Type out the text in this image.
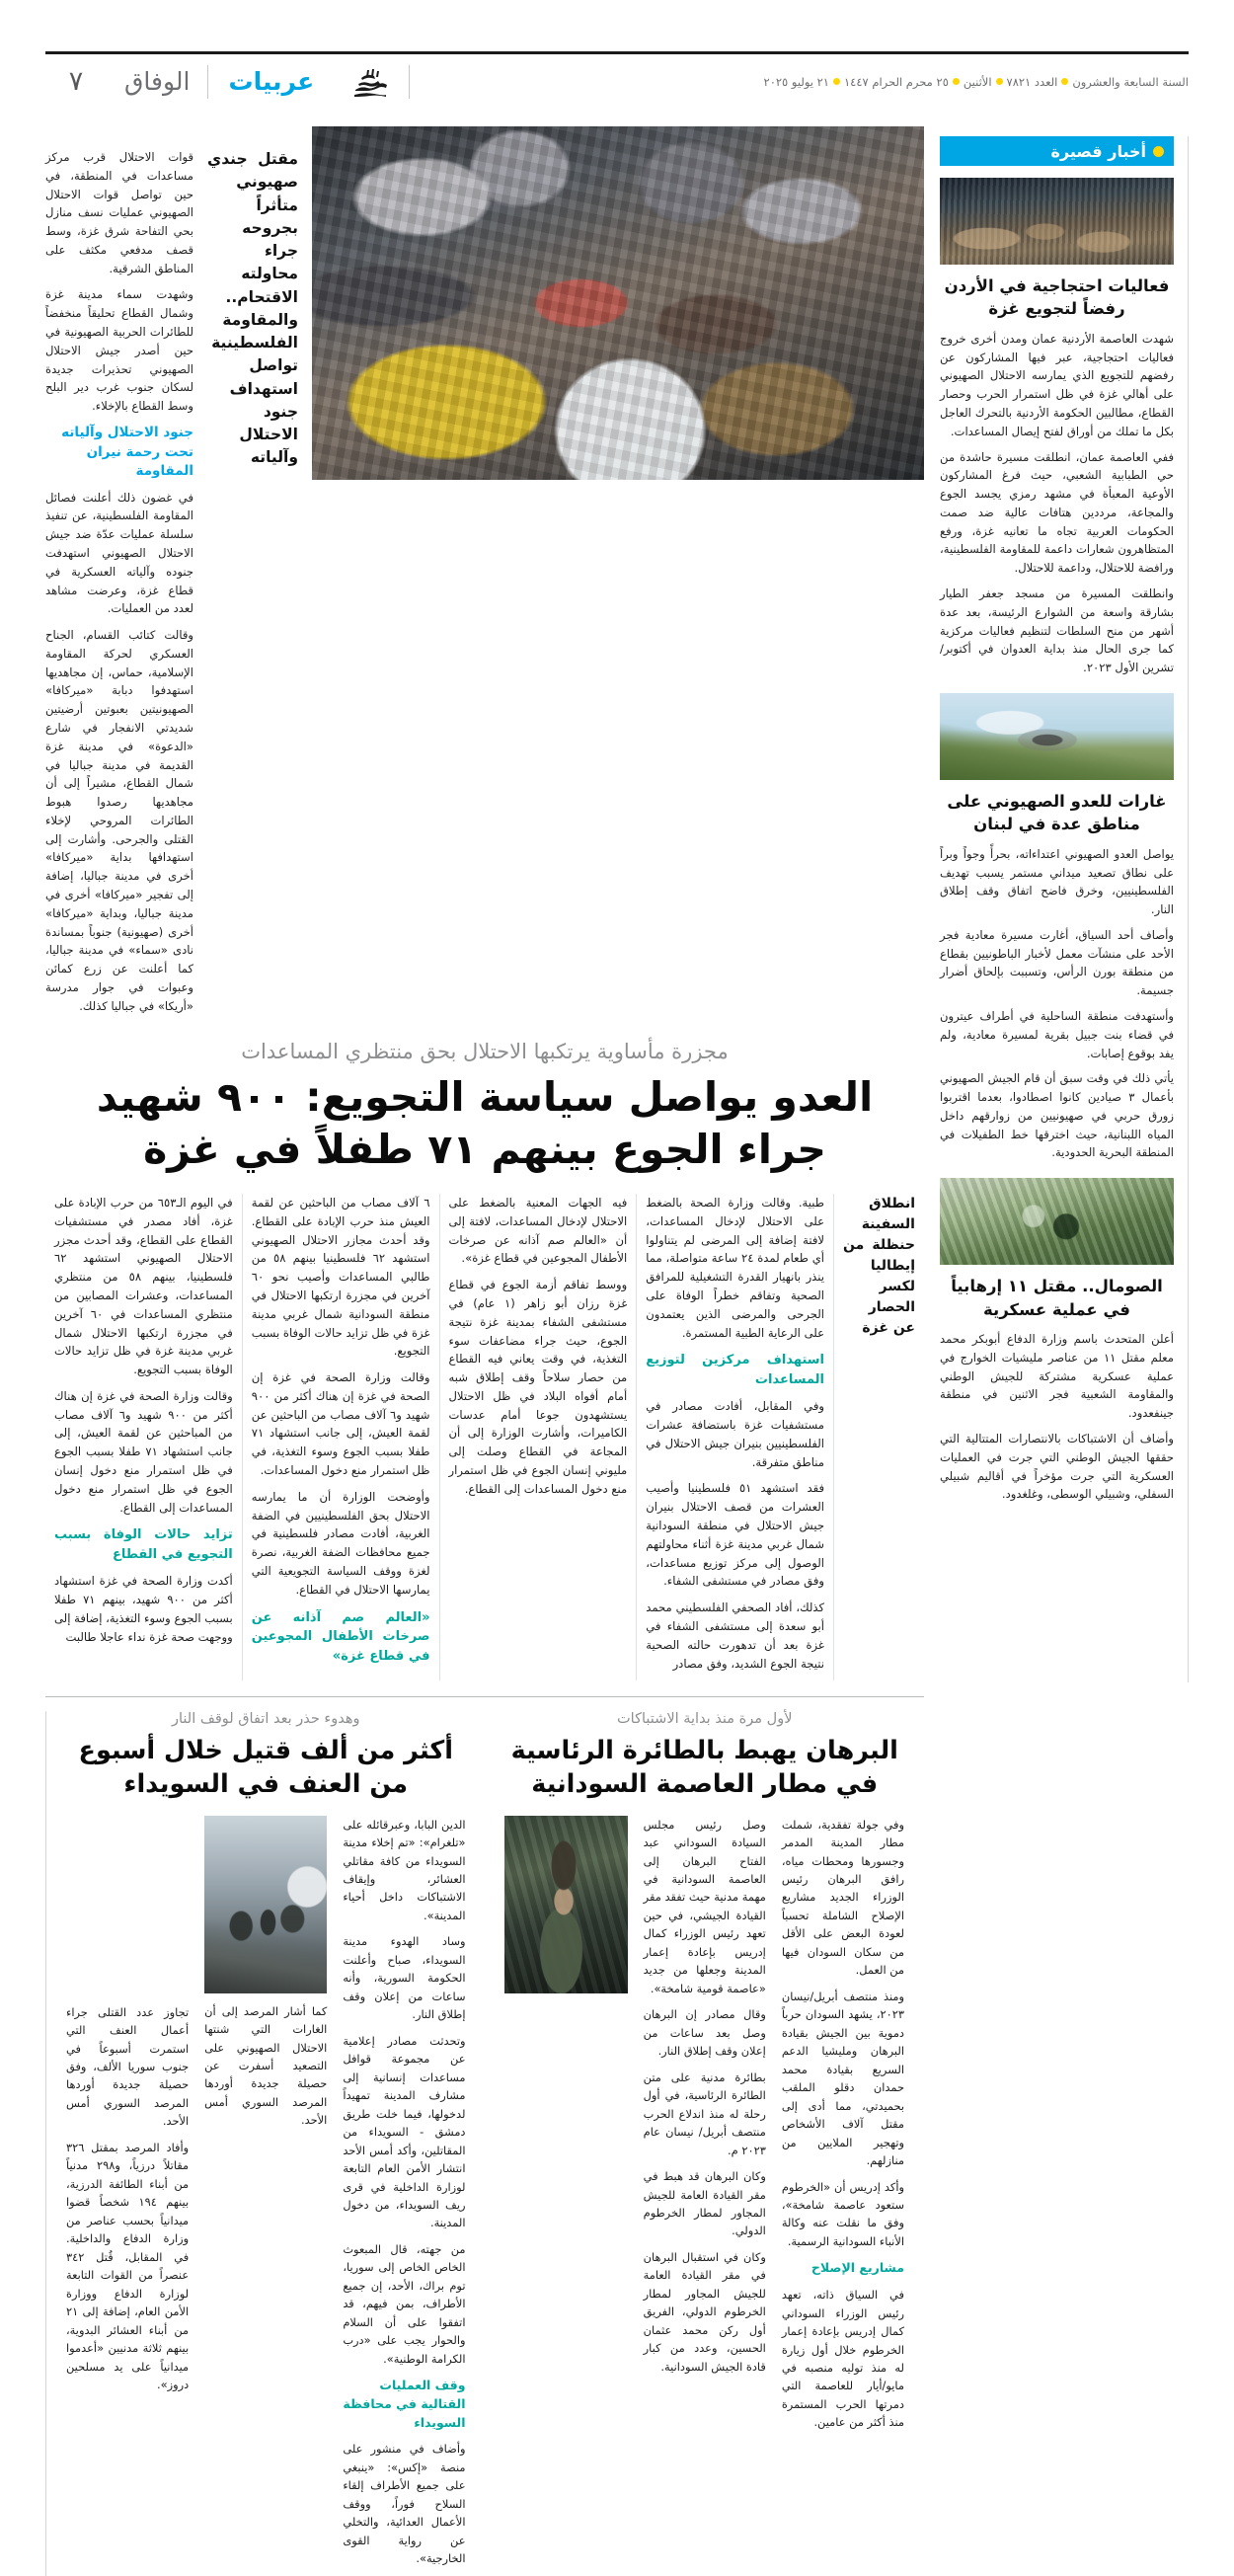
السنة السابعة والعشرونالعدد ٧٨٢١الأثنين٢٥ محرم الحرام ١٤٤٧٢١ يوليو ٢٠٢٥
عربيات
الوفاق
٧
أخبار قصيرة
فعاليات احتجاجية في الأردن رفضاً لتجويع غزة

شهدت العاصمة الأردنية عمان ومدن أخرى خروج فعاليات احتجاجية، عبر فيها المشاركون عن رفضهم للتجويع الذي يمارسه الاحتلال الصهيوني على أهالي غزة في ظل استمرار الحرب وحصار القطاع، مطالبين الحكومة الأردنية بالتحرك العاجل بكل ما تملك من أوراق لفتح إيصال المساعدات.

ففي العاصمة عمان، انطلقت مسيرة حاشدة من حي الطبابية الشعبي، حيث فرغ المشاركون الأوعية المعبأة في مشهد رمزي يجسد الجوع والمجاعة، مرددين هتافات عالية ضد صمت الحكومات العربية تجاه ما تعانيه غزة، ورفع المتظاهرون شعارات داعمة للمقاومة الفلسطينية، ورافضة للاحتلال، وداعمة للاحتلال.

وانطلقت المسيرة من مسجد جعفر الطيار بشارقة واسعة من الشوارع الرئيسة، بعد عدة أشهر من منح السلطات لتنظيم فعاليات مركزية كما جرى الحال منذ بداية العدوان في أكتوبر/ تشرين الأول ٢٠٢٣.

غارات للعدو الصهيوني على مناطق عدة في لبنان

يواصل العدو الصهيوني اعتداءاته، بحرأً وجواً وبراً على نطاق تصعيد ميداني مستمر يسبب تهديف الفلسطينيين، وخرق فاضح اتفاق وقف إطلاق النار.

وأصاف أحد السياق، أغارت مسيرة معادية فجر الأحد على منشآت معمل لأخبار الباطونيين بقطاع من منطقة بورن الرأس، وتسببت بإلحاق أضرار جسيمة.

وأستهدفت منطقة الساحلية في أطراف عيترون في قضاء بنت جبيل بقرية لمسيرة معادية، ولم يفد بوقوع إصابات.

يأتي ذلك في وقت سبق أن قام الجيش الصهيوني بأعمال ٣ صيادين كانوا اصطادوا، بعدما اقتربوا زورق حربي في صهيونيين من زوارقهم داخل المياه اللبنانية، حيث اخترقها خط الطفيلات في المنطقة البحرية الحدودية.

الصومال.. مقتل ١١ إرهابياً في عملية عسكرية

أعلن المتحدث باسم وزارة الدفاع أبوبكر محمد معلم مقتل ١١ من عناصر مليشيات الخوارج في عملية عسكرية مشتركة للجيش الوطني والمقاومة الشعبية فجر الاثنين في منطقة جينفعدود.

وأضاف أن الاشتباكات بالانتصارات المتتالية التي حققها الجيش الوطني التي جرت في العمليات العسكرية التي جرت مؤخراً في أقاليم شبيلي السفلي، وشبيلي الوسطى، وغلغدود.

مقتل جندي صهيوني متأثراً بجروحه جراء محاولته الاقتحام.. والمقاومة الفلسطينية تواصل استهداف جنود الاحتلال وآلياته

قوات الاحتلال قرب مركز مساعدات في المنطقة، في حين تواصل قوات الاحتلال الصهيوني عمليات نسف منازل بحي التفاحة شرق غزة، وسط قصف مدفعي مكثف على المناطق الشرقية.

وشهدت سماء مدينة غزة وشمال القطاع تحليقاً منخفضاً للطائرات الحربية الصهيونية في حين أصدر جيش الاحتلال الصهيوني تحذيرات جديدة لسكان جنوب غرب دير البلح وسط القطاع بالإخلاء.

جنود الاحتلال وآلياته تحت رحمة نيران المقاومة

في غضون ذلك أعلنت فصائل المقاومة الفلسطينية، عن تنفيذ سلسلة عمليات عدّة ضد جيش الاحتلال الصهيوني استهدفت جنوده وآلياته العسكرية في قطاع غزة، وعرضت مشاهد لعدد من العمليات.

وقالت كتائب القسام، الجناح العسكري لحركة المقاومة الإسلامية، حماس، إن مجاهديها استهدفوا دبابة «ميركافا» الصهيونيتين بعبوتين أرضيتين شديدتي الانفجار في شارع «الدعوة» في مدينة غزة القديمة في مدينة جباليا في شمال القطاع، مشيراً إلى أن مجاهديها رصدوا هبوط الطائرات المروحي لإخلاء القتلى والجرحى. وأشارت إلى استهدافها بداية «ميركافا» أخرى في مدينة جباليا، إضافة إلى تفجير «ميركافا» أخرى في مدينة جباليا، وبداية «ميركافا» أخرى (صهيونية) جنوباً بمساندة نادى «سماء» في مدينة جباليا، كما أعلنت عن زرع كمائن وعبوات في جوار مدرسة «أريكا» في جباليا كذلك.

مجزرة مأساوية يرتكبها الاحتلال بحق منتظري المساعدات
العدو يواصل سياسة التجويع: ٩٠٠ شهيد جراء الجوع بينهم ٧١ طفلاً في غزة
انطلاق السفينة حنظلة من إيطاليا لكسر الحصار عن غزة

طبية. وقالت وزارة الصحة بالضغط على الاحتلال لإدخال المساعدات، لافتة إضافة إلى المرضى لم يتناولوا أي طعام لمدة ٢٤ ساعة متواصلة، مما ينذر بانهيار القدرة التشغيلية للمرافق الصحية وتفاقم خطراً الوفاة على الجرحى والمرضى الذين يعتمدون على الرعاية الطبية المستمرة.

استهداف مركزين لتوزيع المساعدات

وفي المقابل، أفادت مصادر في مستشفيات غزة باستضافة عشرات الفلسطينيين بنيران جيش الاحتلال في مناطق متفرقة.

فقد استشهد ٥١ فلسطينيا وأصيب العشرات من قصف الاحتلال بنيران جيش الاحتلال في منطقة السودانية شمال غربي مدينة غزة أثناء محاولتهم الوصول إلى مركز توزيع مساعدات، وفق مصادر في مستشفى الشفاء.

كذلك، أفاد الصحفي الفلسطيني محمد أبو سعدة إلى مستشفى الشفاء في غزة بعد أن تدهورت حالته الصحية نتيجة الجوع الشديد، وفق مصادر

فيه الجهات المعنية بالضغط على الاحتلال لإدخال المساعدات، لافتة إلى أن «العالم صم آذانه عن صرخات الأطفال المجوعين في قطاع غزة».

ووسط تفاقم أزمة الجوع في قطاع غزة رزان أبو زاهر (١ عام) في مستشفى الشفاء بمدينة غزة نتيجة الجوع، حيث جراء مضاعفات سوء التغذية، في وقت يعاني فيه القطاع من حصار سلاحاً وقف إطلاق شبه أمام أفواه البلاد في ظل الاحتلال يستشهدون جوعا أمام عدسات الكاميرات، وأشارت الوزارة إلى أن المجاعة في القطاع وصلت إلى مليوني إنسان الجوع في ظل استمرار منع دخول المساعدات إلى القطاع.

٦ آلاف مصاب من الباحثين عن لقمة العيش منذ حرب الإبادة على القطاع. وقد أحدث مجازر الاحتلال الصهيوني استشهد ٦٢ فلسطينيا بينهم ٥٨ من طالبي المساعدات وأصيب نحو ٦٠ آخرين في مجزرة ارتكبها الاحتلال في منطقة السودانية شمال غربي مدينة غزة في ظل تزايد حالات الوفاة بسبب التجويع.

وقالت وزارة الصحة في غزة إن الصحة في غزة إن هناك أكثر من ٩٠٠ شهيد و٦ آلاف مصاب من الباحثين عن لقمة العيش، إلى جانب استشهاد ٧١ طفلا بسبب الجوع وسوء التغذية، في ظل استمرار منع دخول المساعدات.

وأوضحت الوزارة أن ما يمارسه الاحتلال بحق الفلسطينيين في الضفة الغربية، أفادت مصادر فلسطينية في جميع محافظات الضفة الغربية، نصرة لغزة ووقف السياسة التجويعية التي يمارسها الاحتلال في القطاع.

«العالم صم آذانه عن صرخات الأطفال المجوعين في قطاع غزة»

في اليوم الـ٦٥٣ من حرب الإبادة على غزة، أفاد مصدر في مستشفيات القطاع على القطاع، وقد أحدث مجزر الاحتلال الصهيوني استشهد ٦٢ فلسطينيا، بينهم ٥٨ من منتظري المساعدات، وعشرات المصابين من منتظري المساعدات في ٦٠ آخرين في مجزرة ارتكبها الاحتلال شمال غربي مدينة غزة في ظل تزايد حالات الوفاة بسبب التجويع.

وقالت وزارة الصحة في غزة إن هناك أكثر من ٩٠٠ شهيد و٦ آلاف مصاب من المباحثين عن لقمة العيش، إلى جانب استشهاد ٧١ طفلا بسبب الجوع في ظل استمرار منع دخول إنسان الجوع في ظل استمرار منع دخول المساعدات إلى القطاع.

تزايد حالات الوفاة بسبب التجويع في القطاع

أكدت وزارة الصحة في غزة استشهاد أكثر من ٩٠٠ شهيد، بينهم ٧١ طفلا بسبب الجوع وسوء التغذية، إضافة إلى ووجهت صحة غزة نداء عاجلا طالبت

لأول مرة منذ بداية الاشتباكات
البرهان يهبط بالطائرة الرئاسية في مطار العاصمة السودانية

وفي جولة تفقدية، شملت مطار المدينة المدمر وجسورها ومحطات مياه، رافق البرهان رئيس الوزراء الجديد مشاريع الإصلاح الشاملة تحسباً لعودة البعض على الأقل من سكان السودان فيها من العمل.

ومنذ منتصف أبريل/نيسان ٢٠٢٣، يشهد السودان حرباً دموية بين الجيش بقيادة البرهان ومليشيا الدعم السريع بقيادة محمد حمدان دقلو الملقب بحميدتي، مما أدى إلى مقتل آلاف الأشخاص وتهجير الملايين من منازلهم.

وأكد إدريس أن «الخرطوم ستعود عاصمة شامخة»، وفق ما نقلت عنه وكالة الأنباء السودانية الرسمية.

مشاريع الإصلاح

في السياق ذاته، تعهد رئيس الوزراء السوداني كمال إدريس بإعادة إعمار الخرطوم خلال أول زيارة له منذ توليه منصبه في مايو/أيار للعاصمة التي دمرتها الحرب المستمرة منذ أكثر من عامين.

وصل رئيس مجلس السيادة السوداني عبد الفتاح البرهان إلى العاصمة السودانية في مهمة مدنية حيث تفقد مقر القيادة الجيشي، في حين تعهد رئيس الوزراء كمال إدريس بإعادة إعمار المدينة وجعلها من جديد «عاصمة قومية شامخة».

وقال مصادر إن البرهان وصل بعد ساعات من إعلان وقف إطلاق النار.

بطائرة مدنية على متن الطائرة الرئاسية، في أول رحلة له منذ اندلاع الحرب منتصف أبريل/ نيسان عام ٢٠٢٣ م.

وكان البرهان قد هبط في مقر القيادة العامة للجيش المجاور لمطار الخرطوم الدولي.

وكان في استقبال البرهان في مقر القيادة العامة للجيش المجاور لمطار الخرطوم الدولي، الفريق أول ركن محمد عثمان الحسين، وعدد من كبار قادة الجيش السودانية.

وهدوء حذر بعد اتفاق لوقف النار
أكثر من ألف قتيل خلال أسبوع من العنف في السويداء

الدين البابا، وعبرقائله على «تلغرام»: «تم إخلاء مدينة السويداء من كافة مقاتلي العشائر، وإيقاف الاشتباكات داخل أحياء المدينة».

وساد الهدوء مدينة السويداء، صباح وأعلنت الحكومة السورية، وأنه ساعات من إعلان وقف إطلاق النار.

وتحدثت مصادر إعلامية عن مجموعة قوافل مساعدات إنسانية إلى مشارف المدينة تمهيداً لدخولها، فيما خلت طريق دمشق - السويداء من المقاتلين، وأكد أمس الأحد انتشار الأمن العام التابعة لوزارة الداخلية في قرى ريف السويداء، من دخول المدينة.

من جهته، قال المبعوث الخاص الخاص إلى سوريا، توم براك، الأحد، إن جميع الأطراف، بمن فيهم، قد اتفقوا على أن السلام والحوار يجب على «درب الكرامة الوطنية».

وقف العمليات القتالية في محافظة السويداء

وأضاف في منشور على منصة «إكس»: «ينبغي على جميع الأطراف إلقاء السلاح فوراً، ووقف الأعمال العدائية، والتخلي عن رواية القوى الخارجية».

كما أشار المرصد إلى أن الغارات التي شنتها الاحتلال الصهيوني على التصعيد أسفرت عن حصيلة جديدة أوردها المرصد السوري أمس الأحد.

تجاوز عدد القتلى جراء أعمال العنف التي استمرت أسبوعاً في جنوب سوريا الألف، وفق حصيلة جديدة أوردها المرصد السوري أمس الأحد.

وأفاد المرصد بمقتل ٣٢٦ مقاتلاً درزياً، و٢٩٨ مدنياً من أبناء الطائفة الدرزية، بينهم ١٩٤ شخصاً قضوا ميدانياً بحسب عناصر من وزارة الدفاع والداخلية. في المقابل، قُتل ٣٤٢ عنصراً من القوات التابعة لوزارة الدفاع ووزارة الأمن العام، إضافة إلى ٢١ من أبناء العشائر البدوية، بينهم ثلاثة مدنيين «أعدموا ميدانياً على يد مسلحين دروز».
